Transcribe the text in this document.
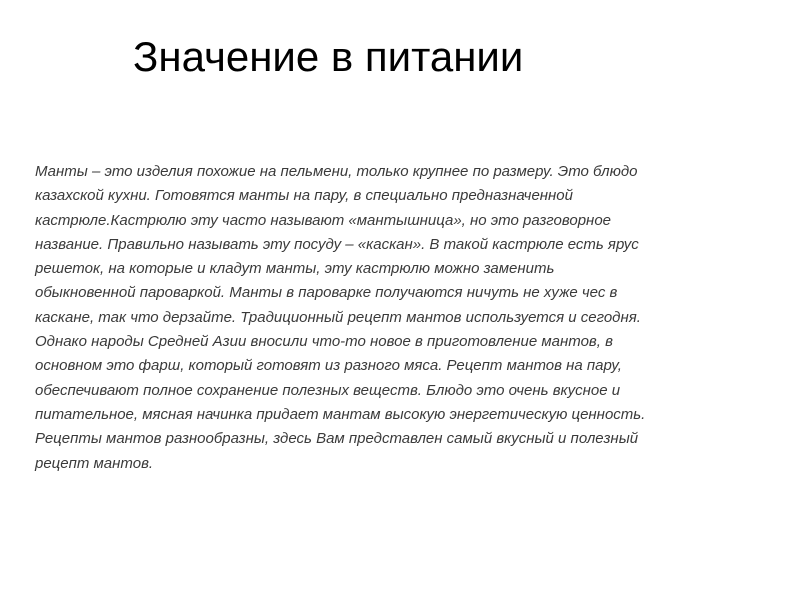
Значение в питании
Манты – это изделия похожие на пельмени, только крупнее по размеру. Это блюдо
казахской кухни. Готовятся манты на пару, в специально предназначенной
кастрюле.Кастрюлю эту часто называют «мантышница», но это разговорное
название. Правильно называть эту посуду – «каскан». В такой кастрюле есть ярус
решеток, на которые и кладут манты, эту кастрюлю можно заменить
обыкновенной пароваркой. Манты в пароварке получаются ничуть не хуже чес в
каскане, так что дерзайте. Традиционный рецепт мантов используется и сегодня.
Однако народы Средней Азии вносили что-то новое в приготовление мантов, в
основном это фарш, который готовят из разного мяса. Рецепт мантов на пару,
обеспечивают полное сохранение полезных веществ. Блюдо это очень вкусное и
питательное, мясная начинка придает мантам высокую энергетическую ценность.
Рецепты мантов разнообразны, здесь Вам представлен самый вкусный и полезный
рецепт мантов.
